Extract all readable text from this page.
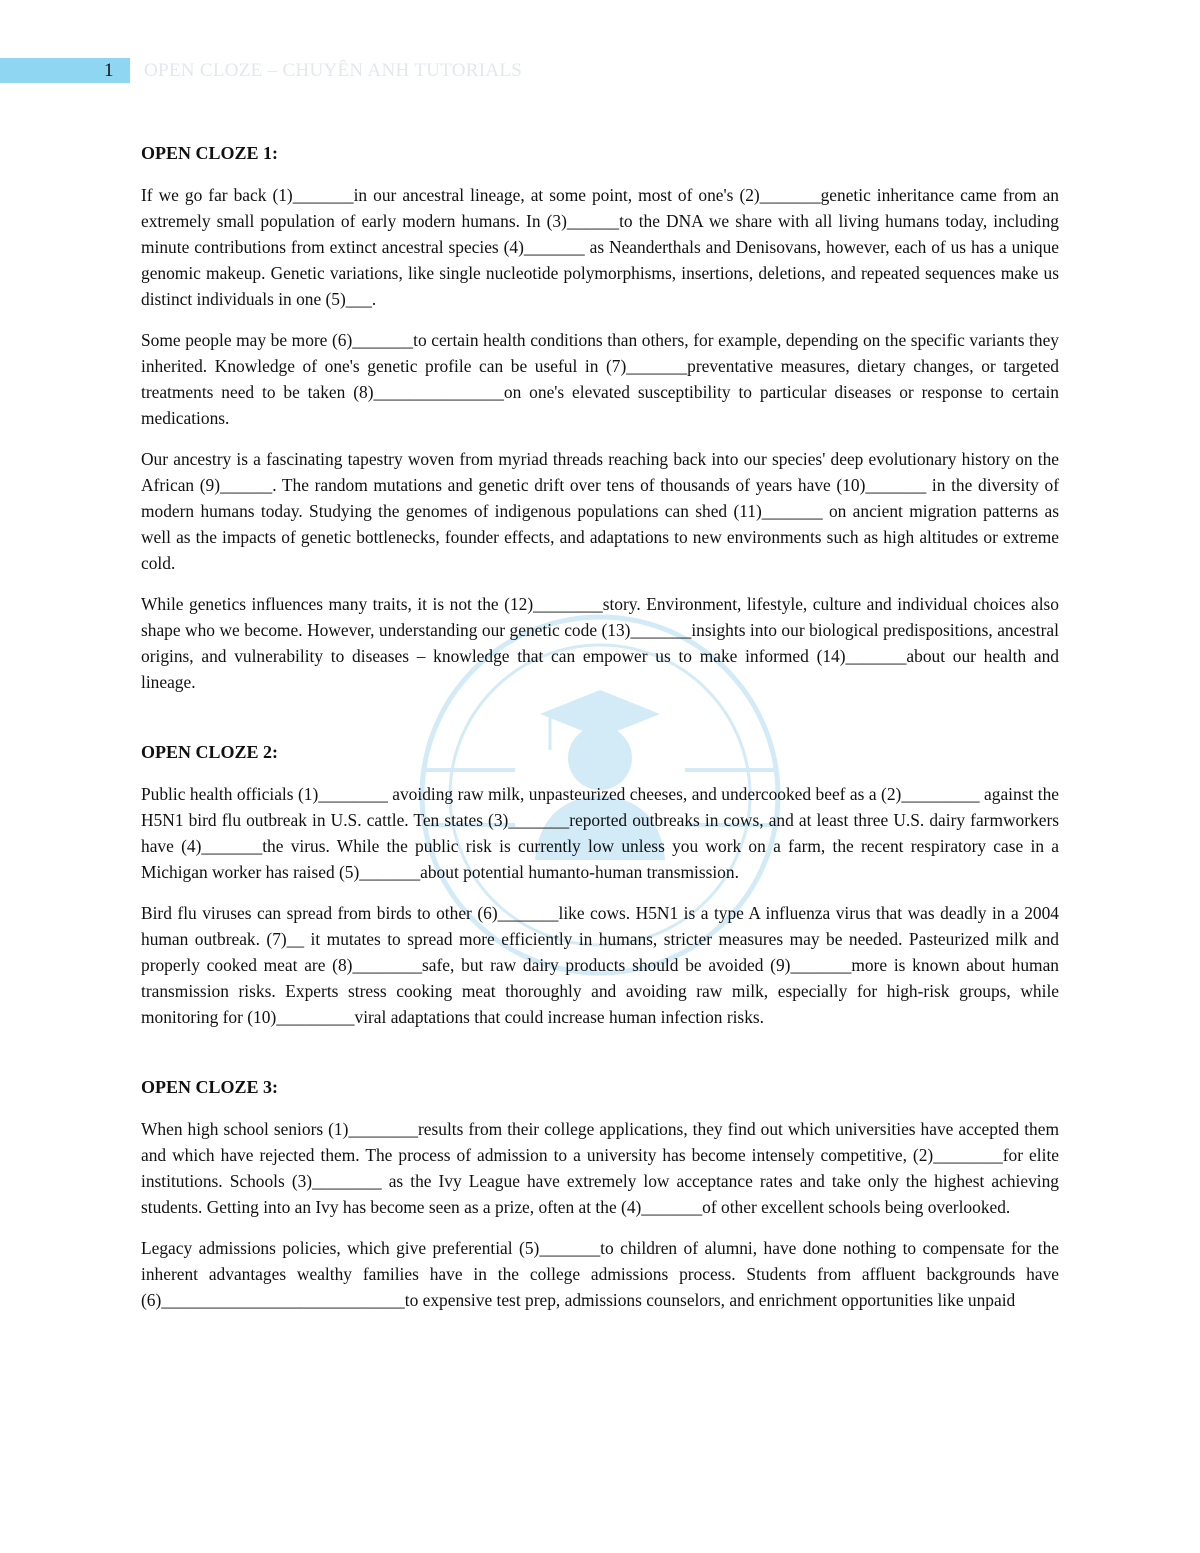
1 OPEN CLOZE – CHUYÊN ANH TUTORIALS
OPEN CLOZE 1:

If we go far back (1)_______in our ancestral lineage, at some point, most of one's (2)_______genetic inheritance came from an extremely small population of early modern humans. In (3)______to the DNA we share with all living humans today, including minute contributions from extinct ancestral species (4)_______ as Neanderthals and Denisovans, however, each of us has a unique genomic makeup. Genetic variations, like single nucleotide polymorphisms, insertions, deletions, and repeated sequences make us distinct individuals in one (5)___.

Some people may be more (6)_______to certain health conditions than others, for example, depending on the specific variants they inherited. Knowledge of one's genetic profile can be useful in (7)_______preventative measures, dietary changes, or targeted treatments need to be taken (8)_______________on one's elevated susceptibility to particular diseases or response to certain medications.

Our ancestry is a fascinating tapestry woven from myriad threads reaching back into our species' deep evolutionary history on the African (9)______. The random mutations and genetic drift over tens of thousands of years have (10)_______ in the diversity of modern humans today. Studying the genomes of indigenous populations can shed (11)_______ on ancient migration patterns as well as the impacts of genetic bottlenecks, founder effects, and adaptations to new environments such as high altitudes or extreme cold.

While genetics influences many traits, it is not the (12)________story. Environment, lifestyle, culture and individual choices also shape who we become. However, understanding our genetic code (13)_______insights into our biological predispositions, ancestral origins, and vulnerability to diseases – knowledge that can empower us to make informed (14)_______about our health and lineage.

OPEN CLOZE 2:

Public health officials (1)________ avoiding raw milk, unpasteurized cheeses, and undercooked beef as a (2)_________ against the H5N1 bird flu outbreak in U.S. cattle. Ten states (3)_______reported outbreaks in cows, and at least three U.S. dairy farmworkers have (4)_______the virus. While the public risk is currently low unless you work on a farm, the recent respiratory case in a Michigan worker has raised (5)_______about potential humanto-human transmission.

Bird flu viruses can spread from birds to other (6)_______like cows. H5N1 is a type A influenza virus that was deadly in a 2004 human outbreak. (7)__ it mutates to spread more efficiently in humans, stricter measures may be needed. Pasteurized milk and properly cooked meat are (8)________safe, but raw dairy products should be avoided (9)_______more is known about human transmission risks. Experts stress cooking meat thoroughly and avoiding raw milk, especially for high-risk groups, while monitoring for (10)_________viral adaptations that could increase human infection risks.

OPEN CLOZE 3:

When high school seniors (1)________results from their college applications, they find out which universities have accepted them and which have rejected them. The process of admission to a university has become intensely competitive, (2)________for elite institutions. Schools (3)________ as the Ivy League have extremely low acceptance rates and take only the highest achieving students. Getting into an Ivy has become seen as a prize, often at the (4)_______of other excellent schools being overlooked.

Legacy admissions policies, which give preferential (5)_______to children of alumni, have done nothing to compensate for the inherent advantages wealthy families have in the college admissions process. Students from affluent backgrounds have (6)____________________________to expensive test prep, admissions counselors, and enrichment opportunities like unpaid
